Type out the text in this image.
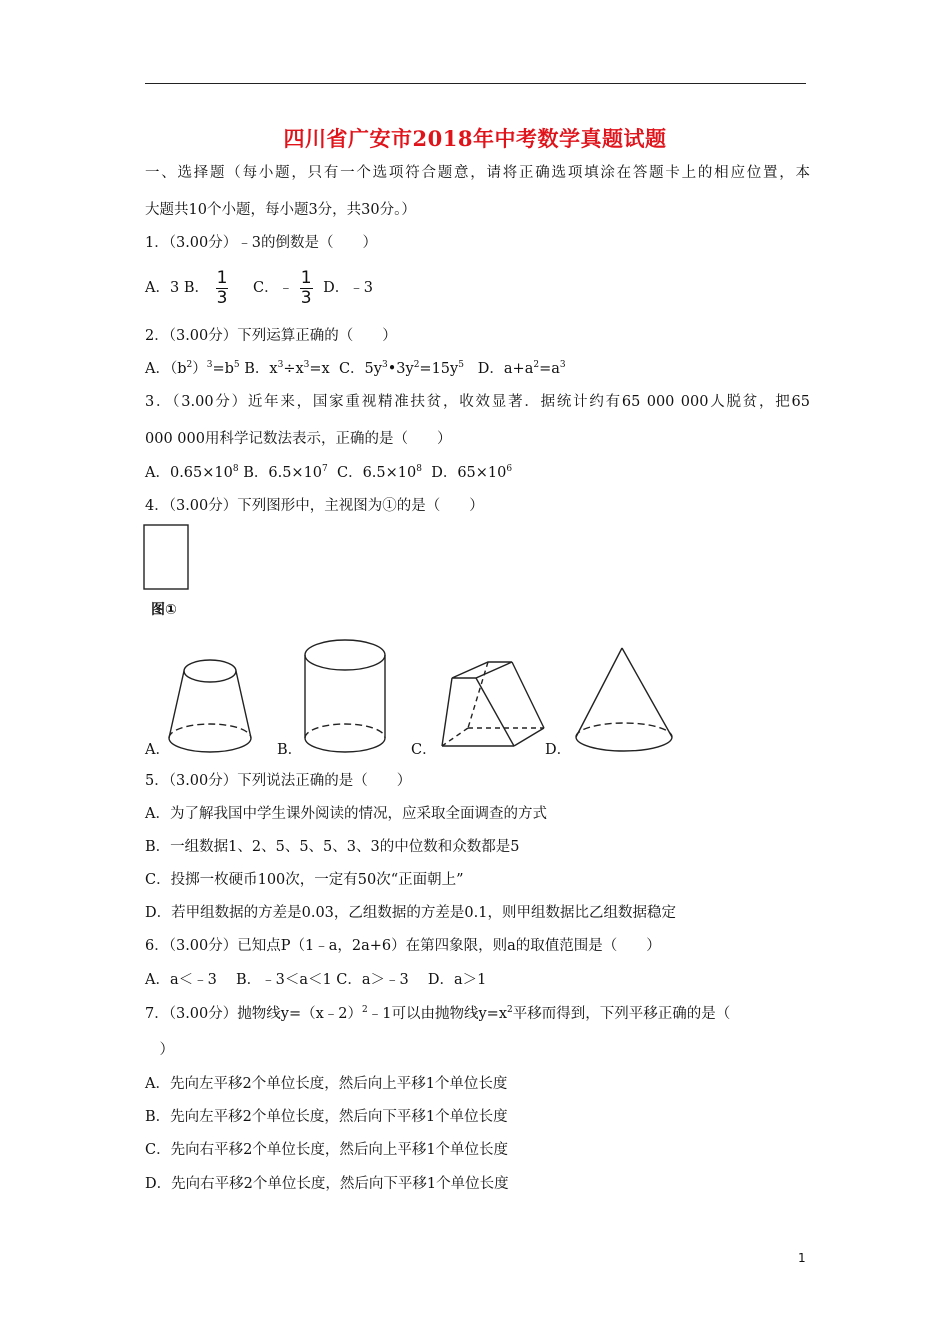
四川省广安市2018年中考数学真题试题
一、选择题（每小题，只有一个选项符合题意，请将正确选项填涂在答题卡上的相应位置，本
大题共10个小题，每小题3分，共30分。）
1．（3.00分）﹣3的倒数是（　　）
A．3 B． $\frac{1}{3}$ C．﹣ $\frac{1}{3}$ D．﹣3
2．（3.00分）下列运算正确的（　　）
A．$(b^2)^3=b^5$ B．$x^3\div x^3=x$ C．$5y^3•3y^2=15y^5$ D．$a+a^2=a^3$
3．（3.00分）近年来，国家重视精准扶贫，收效显著．据统计约有65 000 000人脱贫，把65
000 000用科学记数法表示，正确的是（　　）
A．$0.65\times 10^8$ B．$6.5\times 10^7$ C．$6.5\times 10^8$ D．$65\times 10^6$
4．（3.00分）下列图形中，主视图为①的是（　　）
图①
A．	B．	C．	D．
5．（3.00分）下列说法正确的是（　　）
A．为了解我国中学生课外阅读的情况，应采取全面调查的方式
B．一组数据1、2、5、5、5、3、3的中位数和众数都是5
C．投掷一枚硬币100次，一定有50次“正面朝上”
D．若甲组数据的方差是0.03，乙组数据的方差是0.1，则甲组数据比乙组数据稳定
6．（3.00分）已知点P（1﹣a，2a+6）在第四象限，则a的取值范围是（　　）
A．a＜﹣3　 B．﹣3＜a＜1 C．a＞﹣3　 D．a＞1
7．（3.00分）抛物线y=（x﹣2）$^2$﹣1可以由抛物线$y=x^2$平移而得到，下列平移正确的是（
　）
A．先向左平移2个单位长度，然后向上平移1个单位长度
B．先向左平移2个单位长度，然后向下平移1个单位长度
C．先向右平移2个单位长度，然后向上平移1个单位长度
D．先向右平移2个单位长度，然后向下平移1个单位长度
1
